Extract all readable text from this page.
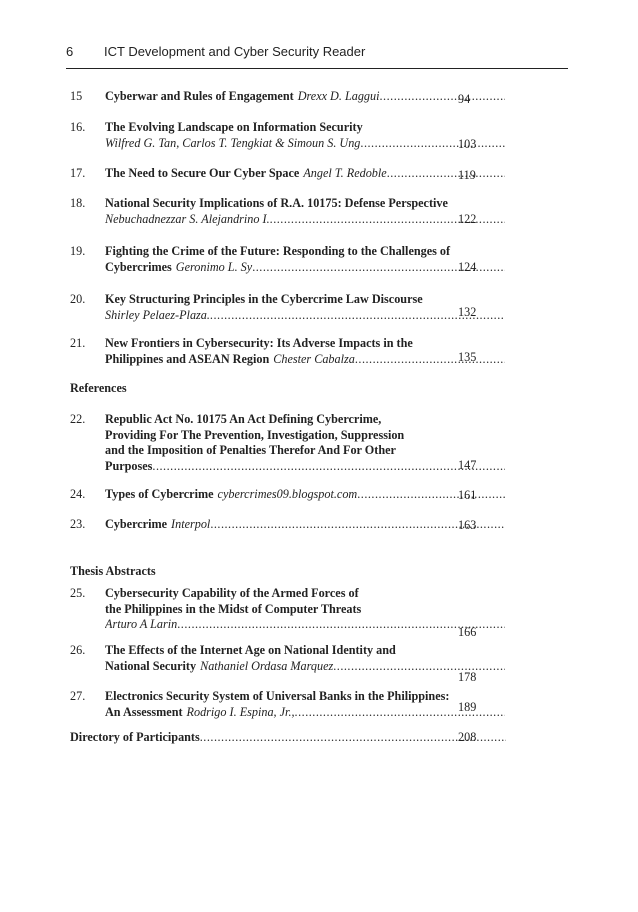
6 ICT Development and Cyber Security Reader
References
Thesis Abstracts
15 Cyberwar and Rules of Engagement Drexx D. Laggui .....	94
16. The Evolving Landscape on Information Security
Wilfred G. Tan, Carlos T. Tengkiat & Simoun S. Ung .....	103
17. The Need to Secure Our Cyber Space Angel T. Redoble .....	119
18. National Security Implications of R.A. 10175: Defense Perspective
Nebuchadnezzar S. Alejandrino I. .....	122
19. Fighting the Crime of the Future: Responding to the Challenges of
Cybercrimes Geronimo L. Sy .....	124
20. Key Structuring Principles in the Cybercrime Law Discourse
Shirley Pelaez-Plaza. .....	132
21. New Frontiers in Cybersecurity: Its Adverse Impacts in the
Philippines and ASEAN Region Chester Cabalza .....	135
22. Republic Act No. 10175 An Act Defining Cybercrime,
Providing For The Prevention, Investigation, Suppression
and the Imposition of Penalties Therefor And For Other
Purposes .....	147
24. Types of Cybercrime cybercrimes09.blogspot.com .....	161
23. Cybercrime Interpol .....	163
25. Cybersecurity Capability of the Armed Forces of
the Philippines in the Midst of Computer Threats
Arturo A Larin .....
166
26. The Effects of the Internet Age on National Identity and
National Security Nathaniel Ordasa Marquez .....
178
27. Electronics Security System of Universal Banks in the Philippines:
An Assessment Rodrigo I. Espina, Jr., .....	189
Directory of Participants .....	208
